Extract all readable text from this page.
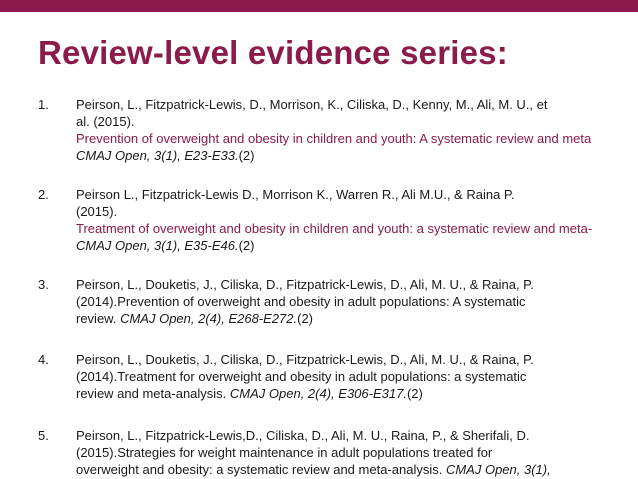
Review-level evidence series:
1. Peirson, L., Fitzpatrick-Lewis, D., Morrison, K., Ciliska, D., Kenny, M., Ali, M. U., et
al. (2015).
Prevention of overweight and obesity in children and youth: A systematic review and meta
CMAJ Open, 3(1), E23-E33.(2)
2. Peirson L., Fitzpatrick-Lewis D., Morrison K., Warren R., Ali M.U., & Raina P.
(2015).
Treatment of overweight and obesity in children and youth: a systematic review and meta-
CMAJ Open, 3(1), E35-E46.(2)
3. Peirson, L., Douketis, J., Ciliska, D., Fitzpatrick-Lewis, D., Ali, M. U., & Raina, P.
(2014).Prevention of overweight and obesity in adult populations: A systematic
review. CMAJ Open, 2(4), E268-E272.(2)
4. Peirson, L., Douketis, J., Ciliska, D., Fitzpatrick-Lewis, D., Ali, M. U., & Raina, P.
(2014).Treatment for overweight and obesity in adult populations: a systematic
review and meta-analysis. CMAJ Open, 2(4), E306-E317.(2)
5. Peirson, L., Fitzpatrick-Lewis,D., Ciliska, D., Ali, M. U., Raina, P., & Sherifali, D.
(2015).Strategies for weight maintenance in adult populations treated for
overweight and obesity: a systematic review and meta-analysis. CMAJ Open, 3(1),
